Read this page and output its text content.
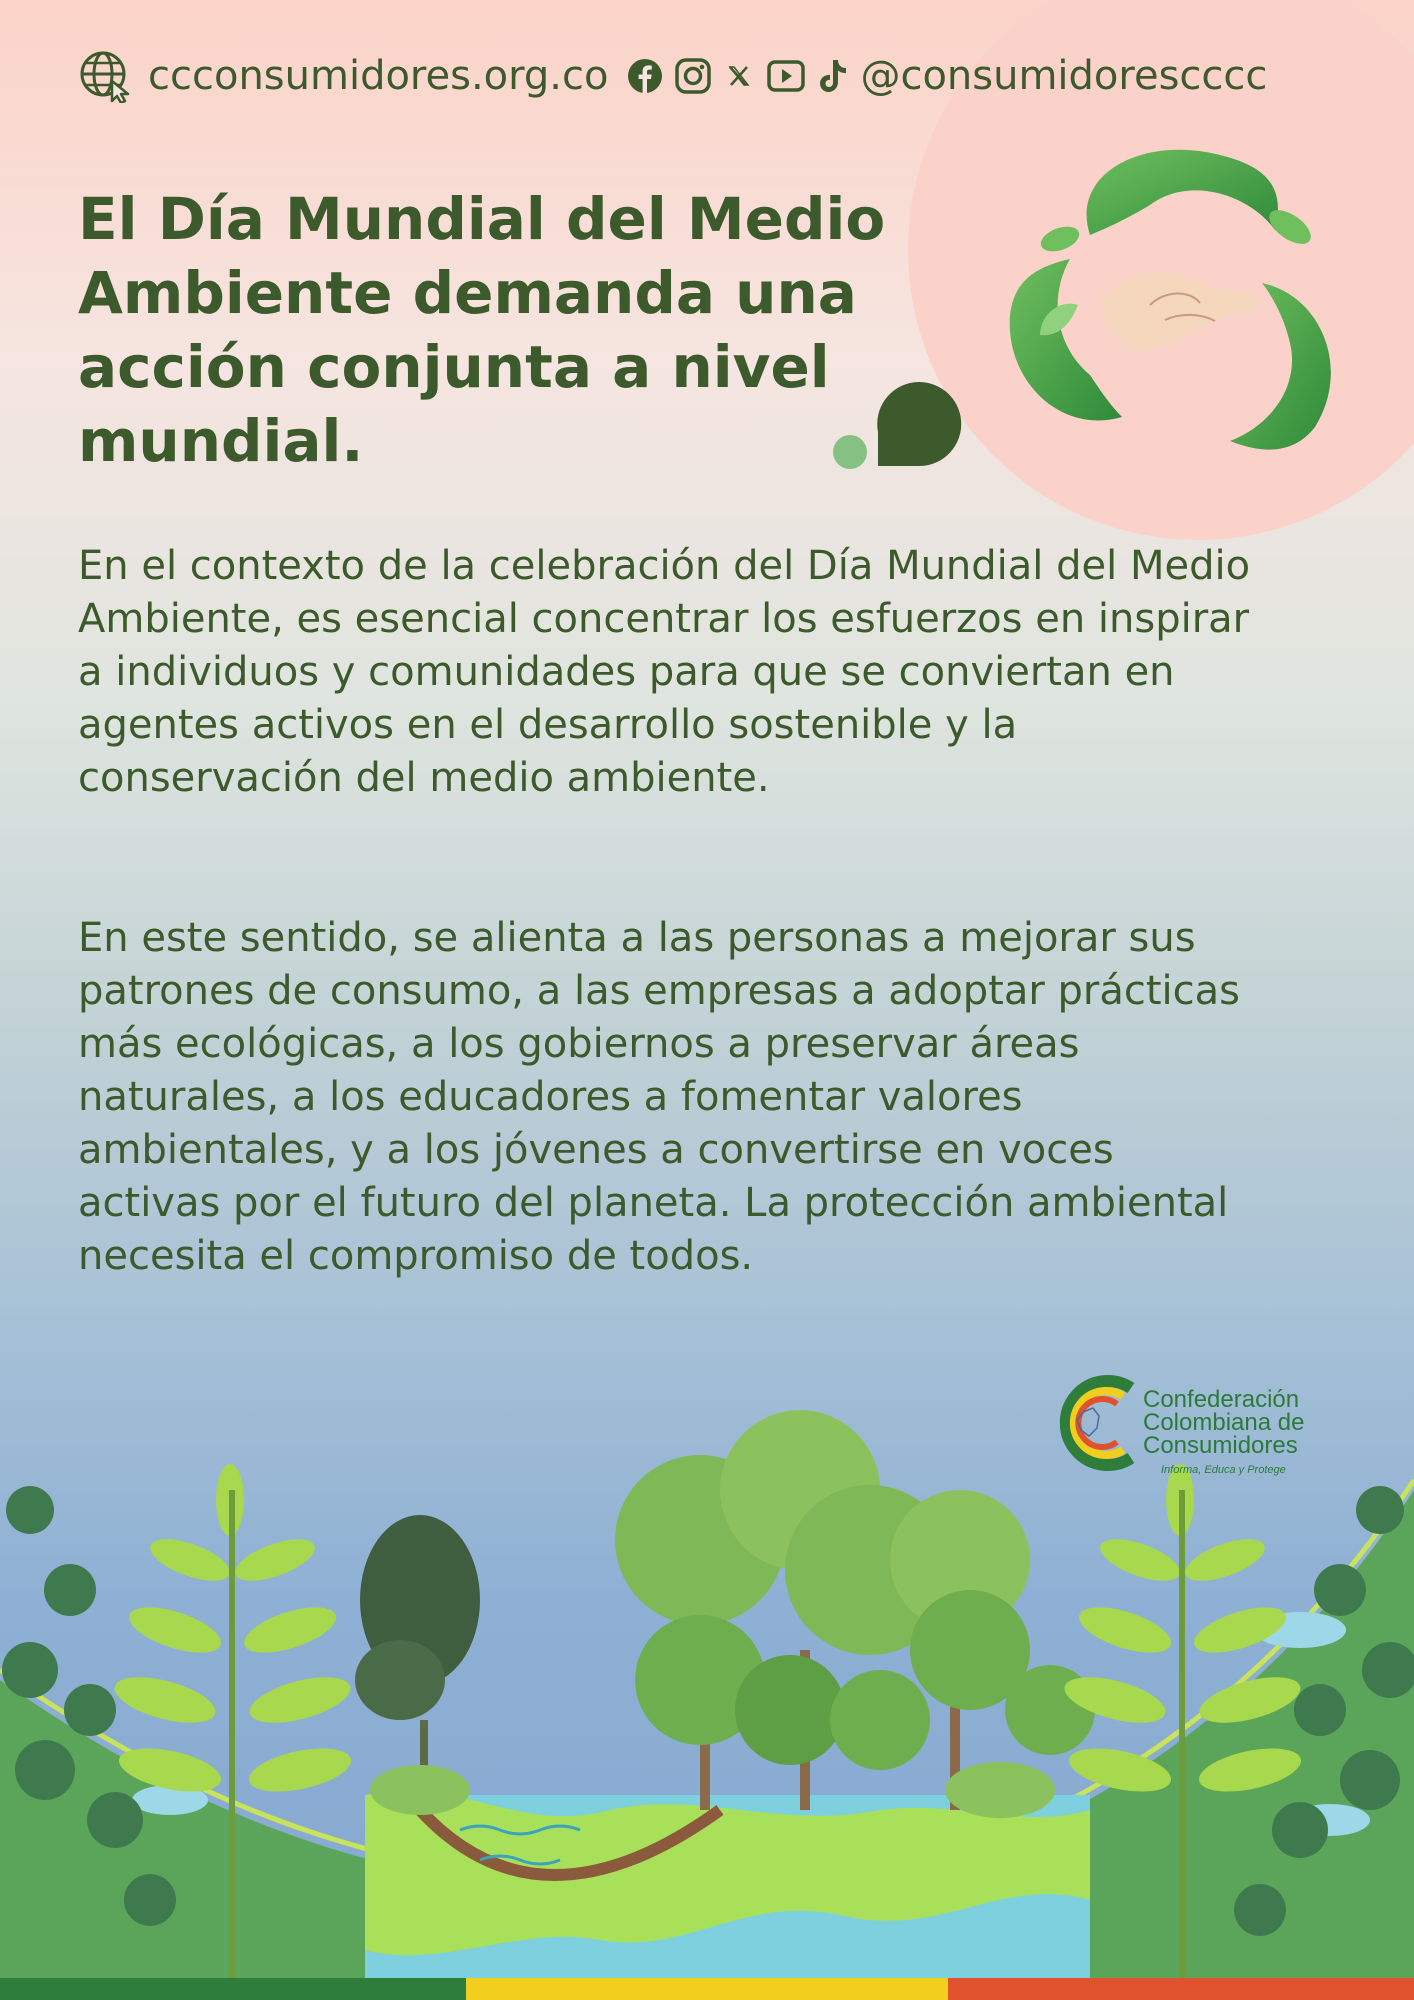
ccconsumidores.org.co	@consumidorescccc
El Día Mundial del Medio Ambiente demanda una acción conjunta a nivel mundial.

En el contexto de la celebración del Día Mundial del Medio Ambiente, es esencial concentrar los esfuerzos en inspirar a individuos y comunidades para que se conviertan en agentes activos en el desarrollo sostenible y la conservación del medio ambiente.

En este sentido, se alienta a las personas a mejorar sus patrones de consumo, a las empresas a adoptar prácticas más ecológicas, a los gobiernos a preservar áreas naturales, a los educadores a fomentar valores ambientales, y a los jóvenes a convertirse en voces activas por el futuro del planeta. La protección ambiental necesita el compromiso de todos.

Confederación
Colombiana de
Consumidores
Informa, Educa y Protege
